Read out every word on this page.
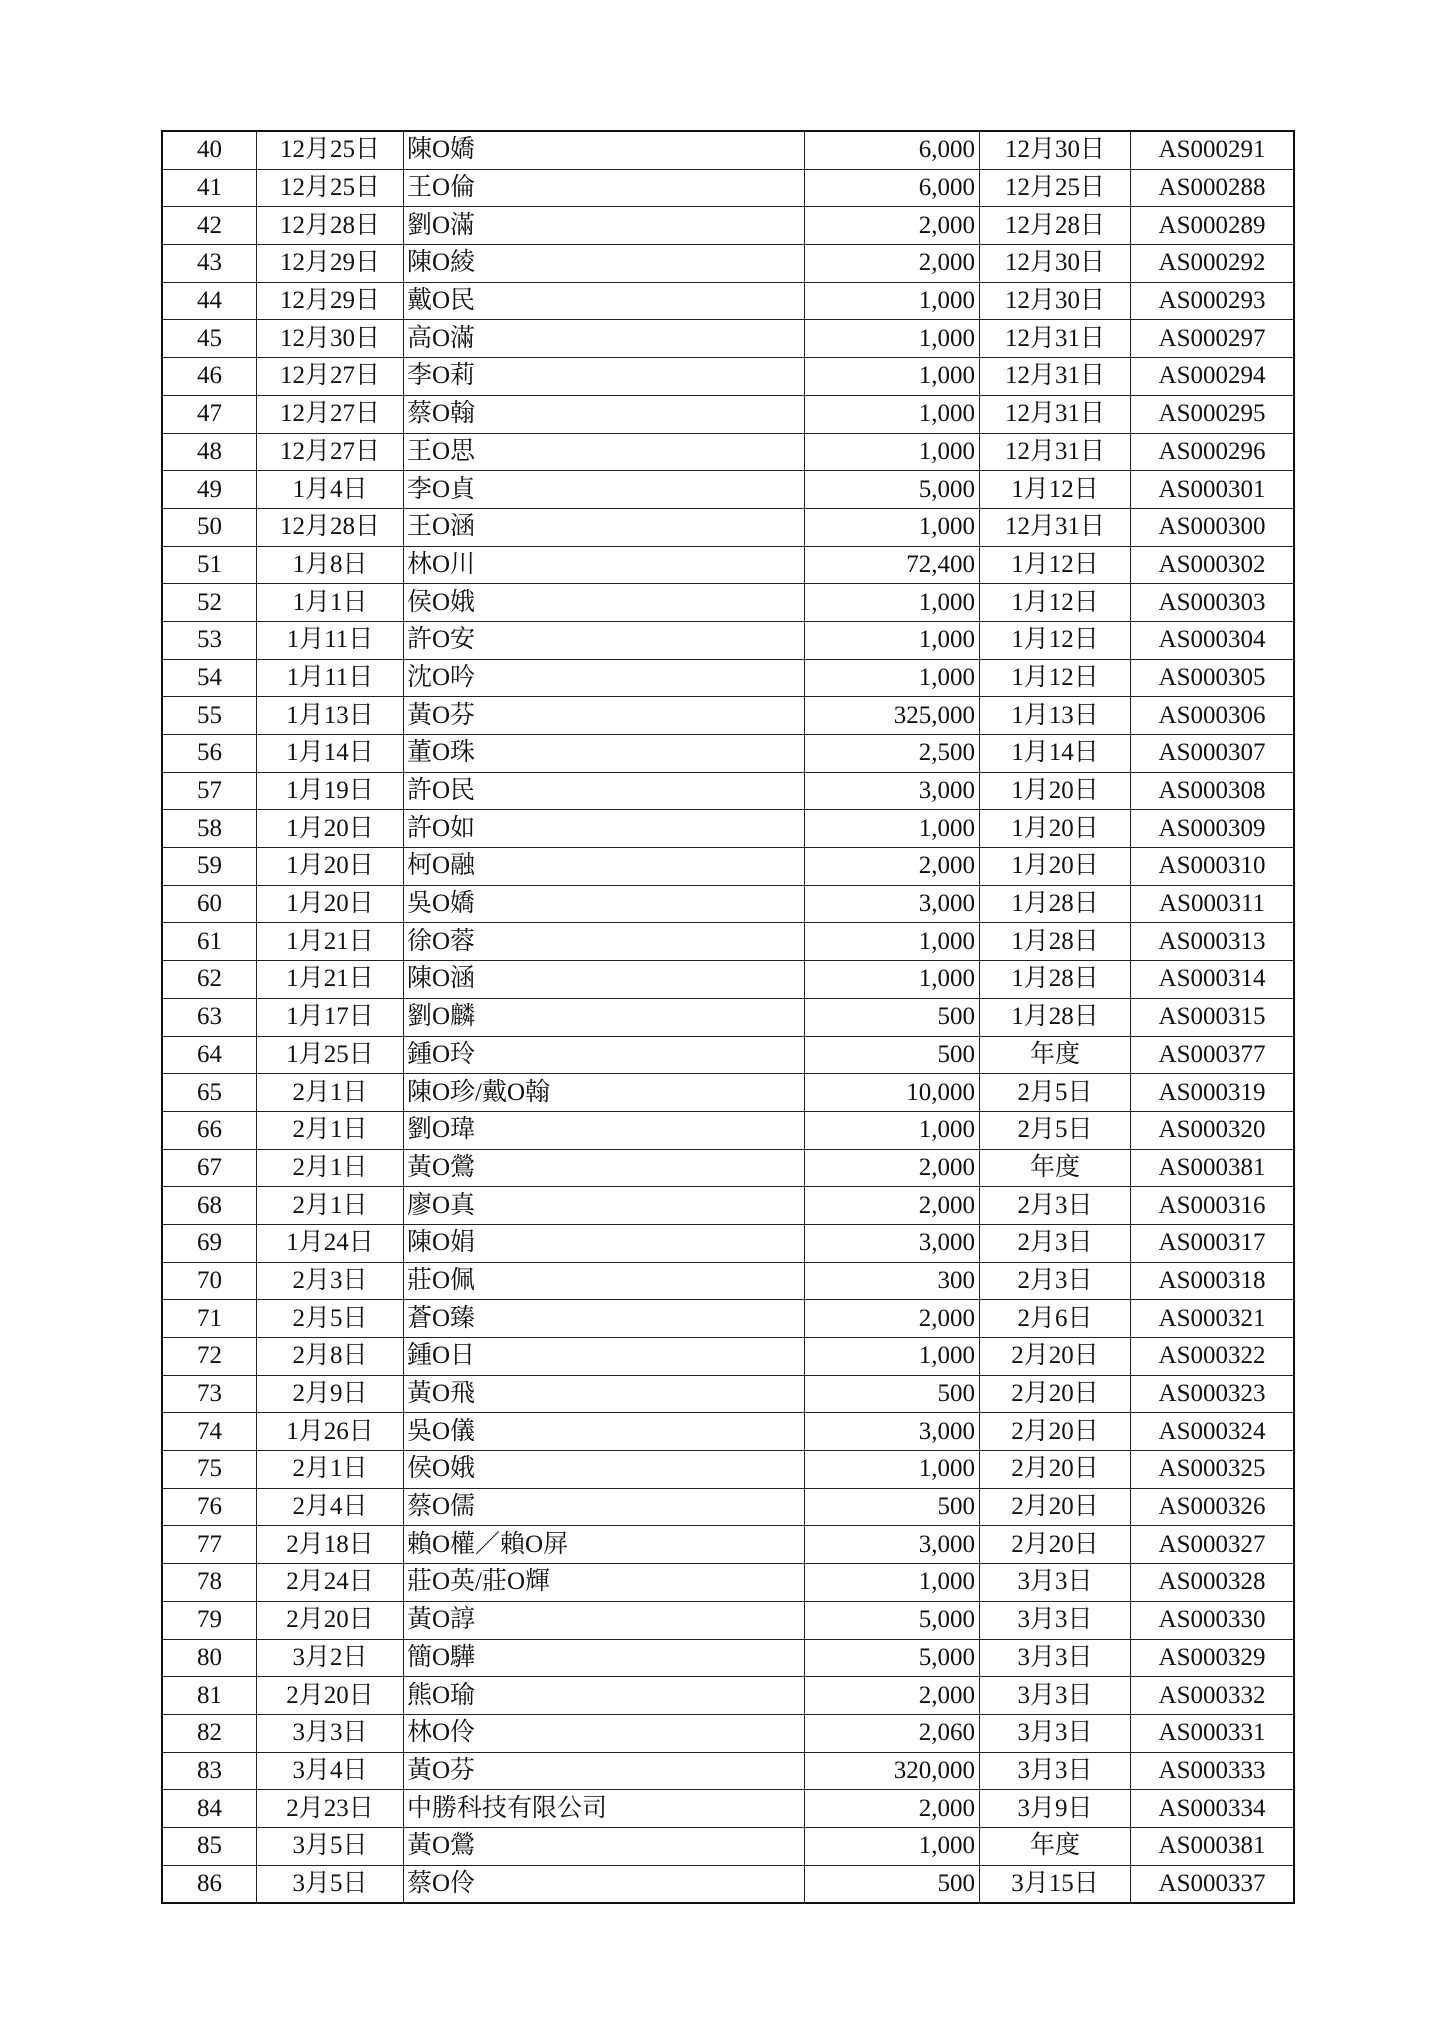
40	12月25日	陳O嬌	6,000	12月30日	AS000291
41	12月25日	王O倫	6,000	12月25日	AS000288
42	12月28日	劉O滿	2,000	12月28日	AS000289
43	12月29日	陳O綾	2,000	12月30日	AS000292
44	12月29日	戴O民	1,000	12月30日	AS000293
45	12月30日	高O滿	1,000	12月31日	AS000297
46	12月27日	李O莉	1,000	12月31日	AS000294
47	12月27日	蔡O翰	1,000	12月31日	AS000295
48	12月27日	王O思	1,000	12月31日	AS000296
49	1月4日	李O貞	5,000	1月12日	AS000301
50	12月28日	王O涵	1,000	12月31日	AS000300
51	1月8日	林O川	72,400	1月12日	AS000302
52	1月1日	侯O娥	1,000	1月12日	AS000303
53	1月11日	許O安	1,000	1月12日	AS000304
54	1月11日	沈O吟	1,000	1月12日	AS000305
55	1月13日	黃O芬	325,000	1月13日	AS000306
56	1月14日	董O珠	2,500	1月14日	AS000307
57	1月19日	許O民	3,000	1月20日	AS000308
58	1月20日	許O如	1,000	1月20日	AS000309
59	1月20日	柯O融	2,000	1月20日	AS000310
60	1月20日	吳O嬌	3,000	1月28日	AS000311
61	1月21日	徐O蓉	1,000	1月28日	AS000313
62	1月21日	陳O涵	1,000	1月28日	AS000314
63	1月17日	劉O麟	500	1月28日	AS000315
64	1月25日	鍾O玲	500	年度	AS000377
65	2月1日	陳O珍/戴O翰	10,000	2月5日	AS000319
66	2月1日	劉O瑋	1,000	2月5日	AS000320
67	2月1日	黃O鶯	2,000	年度	AS000381
68	2月1日	廖O真	2,000	2月3日	AS000316
69	1月24日	陳O娟	3,000	2月3日	AS000317
70	2月3日	莊O佩	300	2月3日	AS000318
71	2月5日	蒼O臻	2,000	2月6日	AS000321
72	2月8日	鍾O日	1,000	2月20日	AS000322
73	2月9日	黃O飛	500	2月20日	AS000323
74	1月26日	吳O儀	3,000	2月20日	AS000324
75	2月1日	侯O娥	1,000	2月20日	AS000325
76	2月4日	蔡O儒	500	2月20日	AS000326
77	2月18日	賴O權／賴O屏	3,000	2月20日	AS000327
78	2月24日	莊O英/莊O輝	1,000	3月3日	AS000328
79	2月20日	黃O諄	5,000	3月3日	AS000330
80	3月2日	簡O驊	5,000	3月3日	AS000329
81	2月20日	熊O瑜	2,000	3月3日	AS000332
82	3月3日	林O伶	2,060	3月3日	AS000331
83	3月4日	黃O芬	320,000	3月3日	AS000333
84	2月23日	中勝科技有限公司	2,000	3月9日	AS000334
85	3月5日	黃O鶯	1,000	年度	AS000381
86	3月5日	蔡O伶	500	3月15日	AS000337
